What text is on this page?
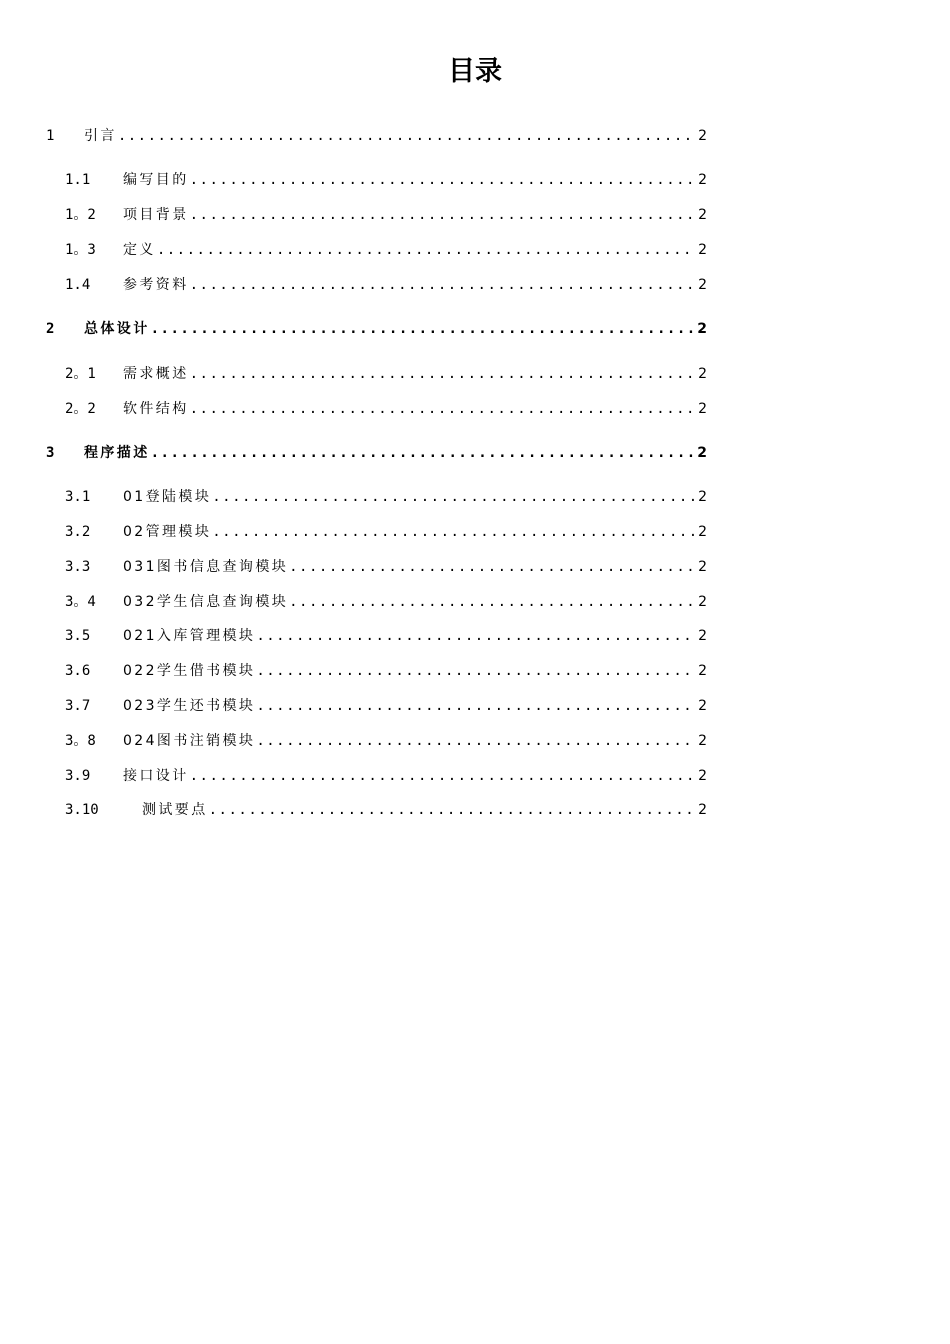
目录
1	引言 .....	2
1.1	编写目的 .....	2
1。2	项目背景 .....	2
1。3	定义 .....	2
1.4	参考资料 .....	2
2	总体设计 .....	2
2。1	需求概述 .....	2
2。2	软件结构 .....	2
3	程序描述 .....	2
3.1	01登陆模块 .....	2
3.2	02管理模块 .....	2
3.3	031图书信息查询模块 .....	2
3。4	032学生信息查询模块 .....	2
3.5	021入库管理模块 .....	2
3.6	022学生借书模块 .....	2
3.7	023学生还书模块 .....	2
3。8	024图书注销模块 .....	2
3.9	接口设计 .....	2
3.10	测试要点 .....	2
